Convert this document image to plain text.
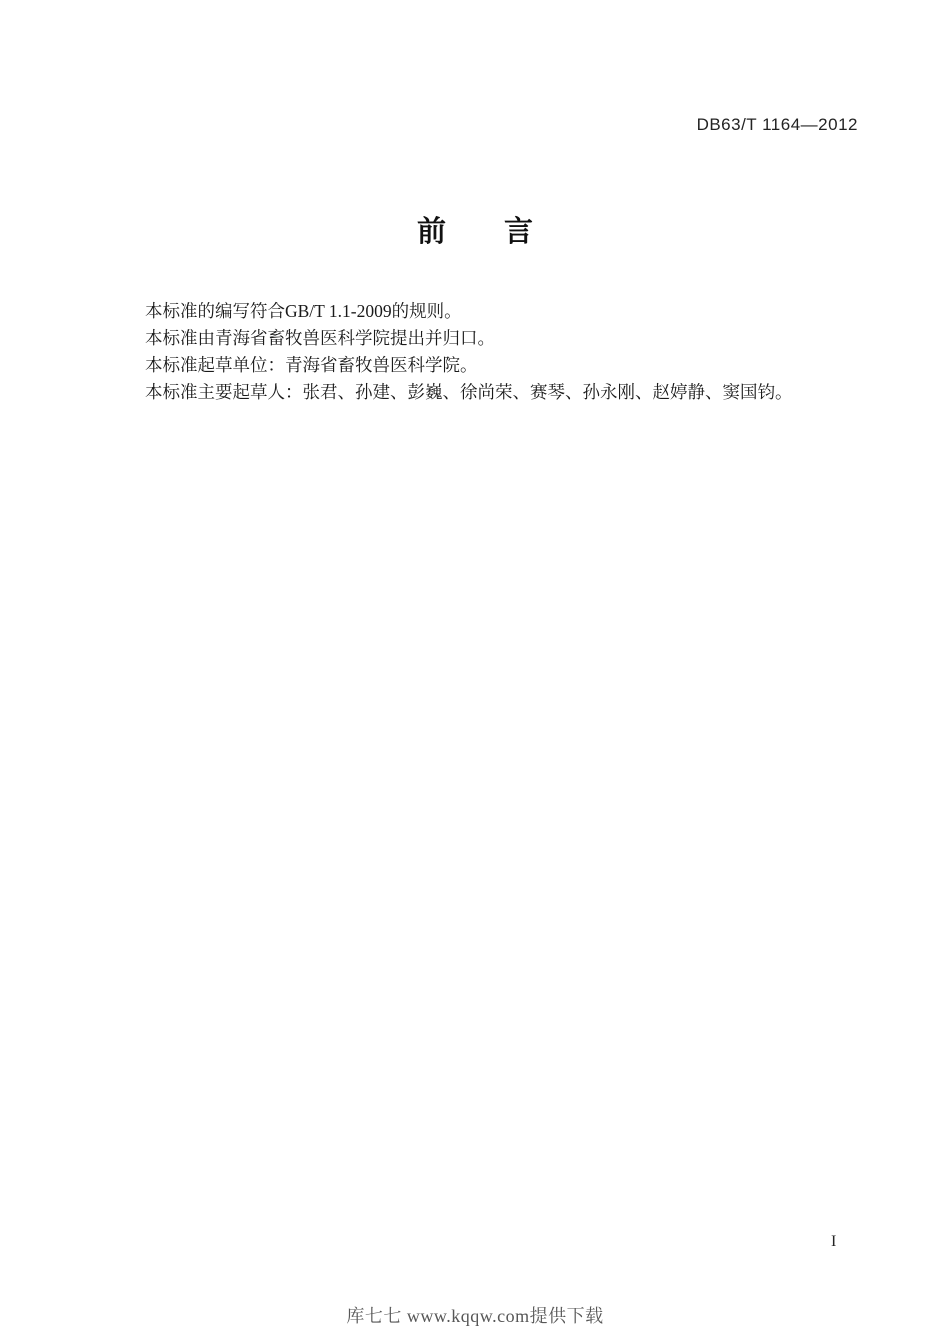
DB63/T 1164—2012
前　　言

本标准的编写符合GB/T 1.1-2009的规则。

本标准由青海省畜牧兽医科学院提出并归口。

本标准起草单位：青海省畜牧兽医科学院。

本标准主要起草人：张君、孙建、彭巍、徐尚荣、赛琴、孙永刚、赵婷静、窦国钧。

I
库七七 www.kqqw.com提供下载
